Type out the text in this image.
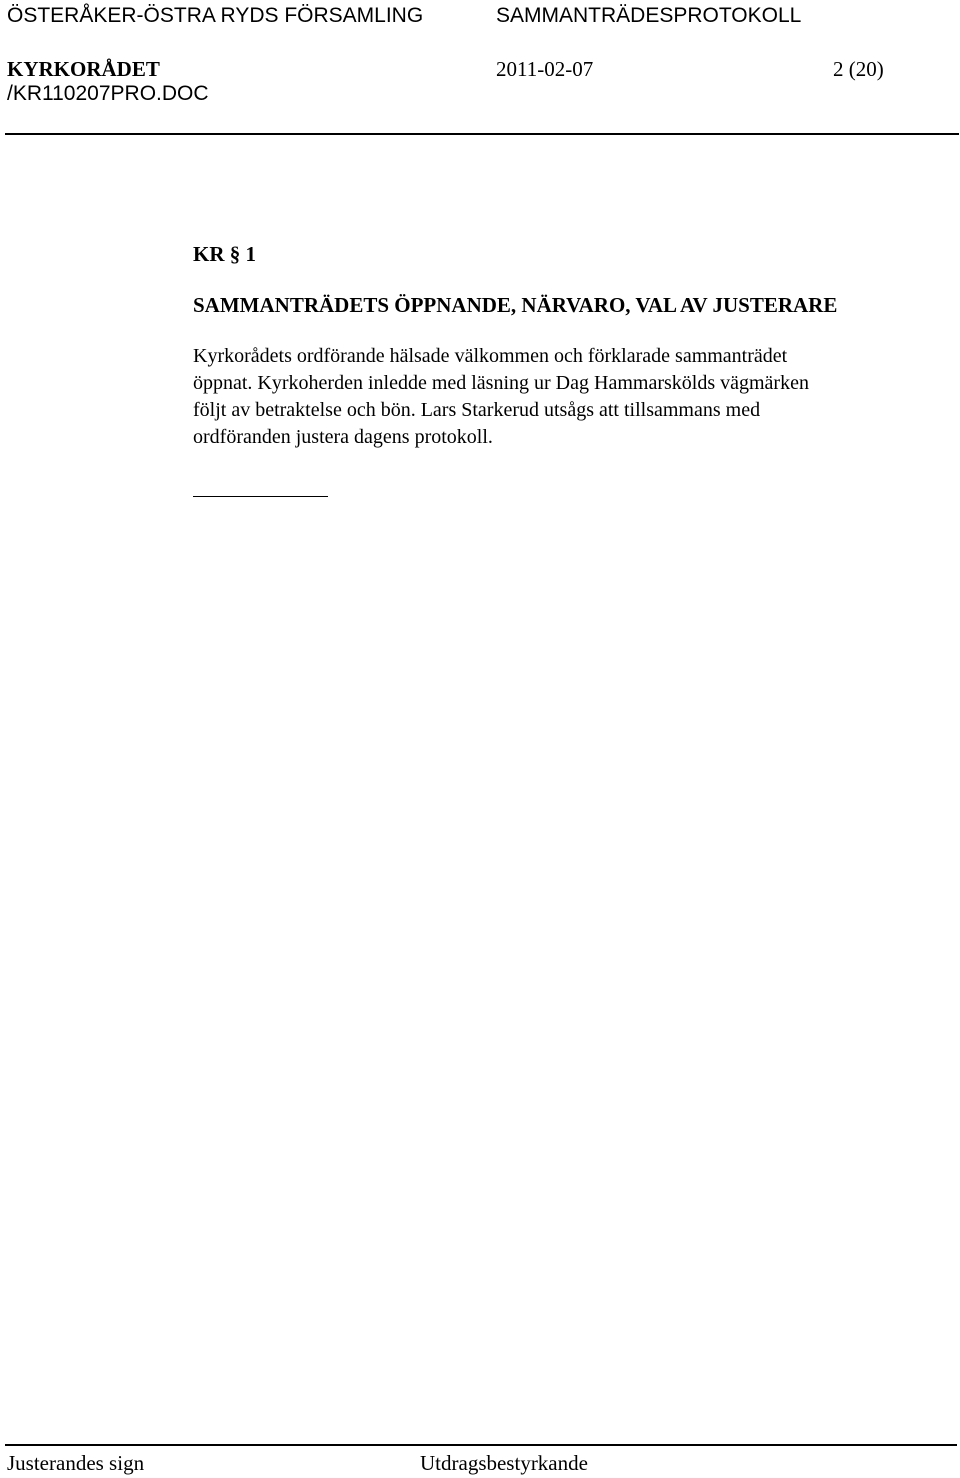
ÖSTERÅKER-ÖSTRA RYDS FÖRSAMLING	SAMMANTRÄDESPROTOKOLL
KYRKORÅDET	2011-02-07	2 (20)
/KR110207PRO.DOC
KR § 1
SAMMANTRÄDETS ÖPPNANDE, NÄRVARO, VAL AV JUSTERARE
Kyrkorådets ordförande hälsade välkommen och förklarade sammanträdet
öppnat. Kyrkoherden inledde med läsning ur Dag Hammarskölds vägmärken
följt av betraktelse och bön. Lars Starkerud utsågs att tillsammans med
ordföranden justera dagens protokoll.
Justerandes sign	Utdragsbestyrkande
